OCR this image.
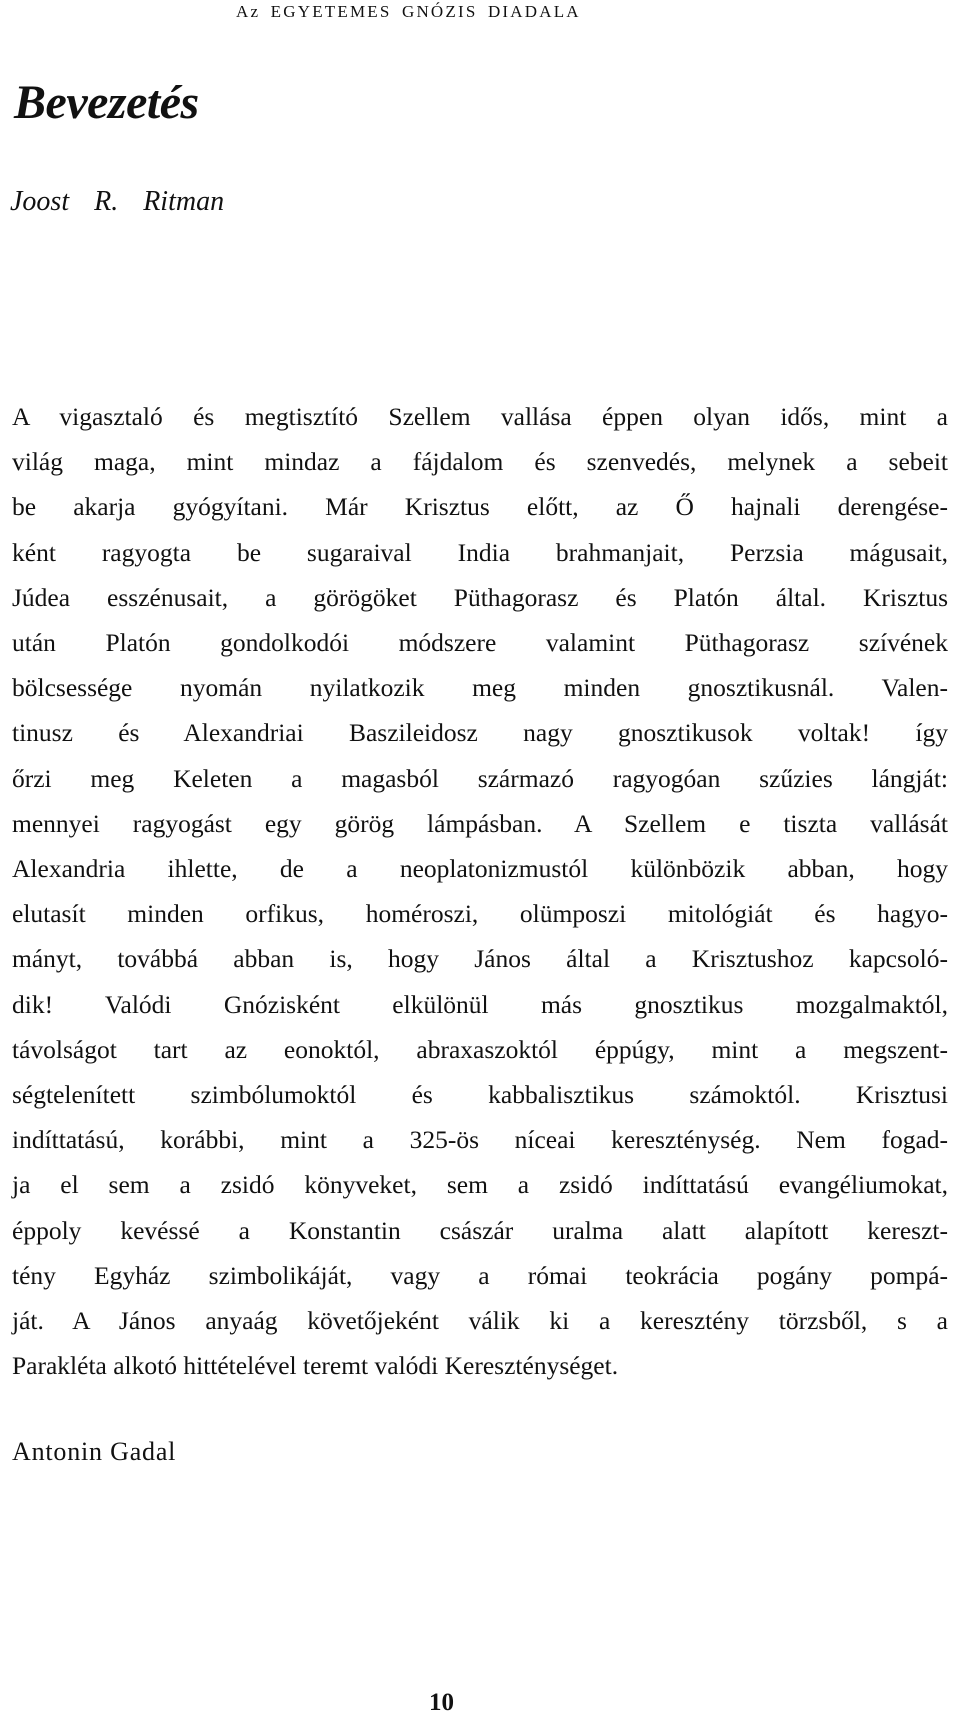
Az EGYETEMES GNÓZIS DIADALA
Bevezetés
Joost R. Ritman

A vigasztaló és megtisztító Szellem vallása éppen olyan idős, mint a
világ maga, mint mindaz a fájdalom és szenvedés, melynek a sebeit
be akarja gyógyítani. Már Krisztus előtt, az Ő hajnali derengése-
ként ragyogta be sugaraival India brahmanjait, Perzsia mágusait,
Júdea esszénusait, a görögöket Püthagorasz és Platón által. Krisztus
után Platón gondolkodói módszere valamint Püthagorasz szívének
bölcsessége nyomán nyilatkozik meg minden gnosztikusnál. Valen-
tinusz és Alexandriai Baszileidosz nagy gnosztikusok voltak! így
őrzi meg Keleten a magasból származó ragyogóan szűzies lángját:
mennyei ragyogást egy görög lámpásban. A Szellem e tiszta vallását
Alexandria ihlette, de a neoplatonizmustól különbözik abban, hogy
elutasít minden orfikus, homéroszi, olümposzi mitológiát és hagyo-
mányt, továbbá abban is, hogy János által a Krisztushoz kapcsoló-
dik! Valódi Gnózisként elkülönül más gnosztikus mozgalmaktól,
távolságot tart az eonoktól, abraxaszoktól éppúgy, mint a megszent-
ségtelenített szimbólumoktól és kabbalisztikus számoktól. Krisztusi
indíttatású, korábbi, mint a 325-ös níceai kereszténység. Nem fogad-
ja el sem a zsidó könyveket, sem a zsidó indíttatású evangéliumokat,
éppoly kevéssé a Konstantin császár uralma alatt alapított kereszt-
tény Egyház szimbolikáját, vagy a római teokrácia pogány pompá-
ját. A János anyaág követőjeként válik ki a keresztény törzsből, s a
Parakléta alkotó hittételével teremt valódi Kereszténységet.

Antonin Gadal
10
